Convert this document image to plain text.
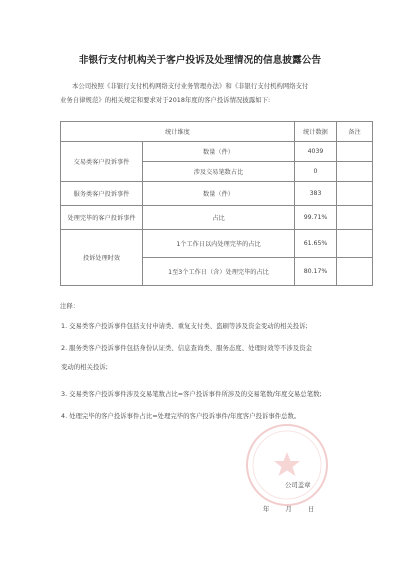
非银行支付机构关于客户投诉及处理情况的信息披露公告
本公司按照《非银行支付机构网络支付业务管理办法》和《非银行支付机构网络支付
业务自律规范》的相关规定和要求对于2018年度的客户投诉情况披露如下:
统计维度		统计数据	备注
交易类客户投诉事件	数量（件）	4039	
	涉及交易笔数占比	0	
服务类客户投诉事件	数量（件）	383	
处理完毕的客户投诉事件	占比	99.71%	
投诉处理时效	1个工作日以内处理完毕的占比	61.65%	
	1至3个工作日（含）处理完毕的占比	80.17%	
注释：
1. 交易类客户投诉事件包括支付申请类、重复支付类、盗刷等涉及资金变动的相关投诉;
2. 服务类客户投诉事件包括身份认证类、信息查询类、服务态度、处理时效等不涉及资金
变动的相关投诉;
3. 交易类客户投诉事件涉及交易笔数占比=客户投诉事件所涉及的交易笔数/年度交易总笔数;
4. 处理完毕的客户投诉事件占比=处理完毕的客户投诉事件/年度客户投诉事件总数。
公司盖章
年 月 日
